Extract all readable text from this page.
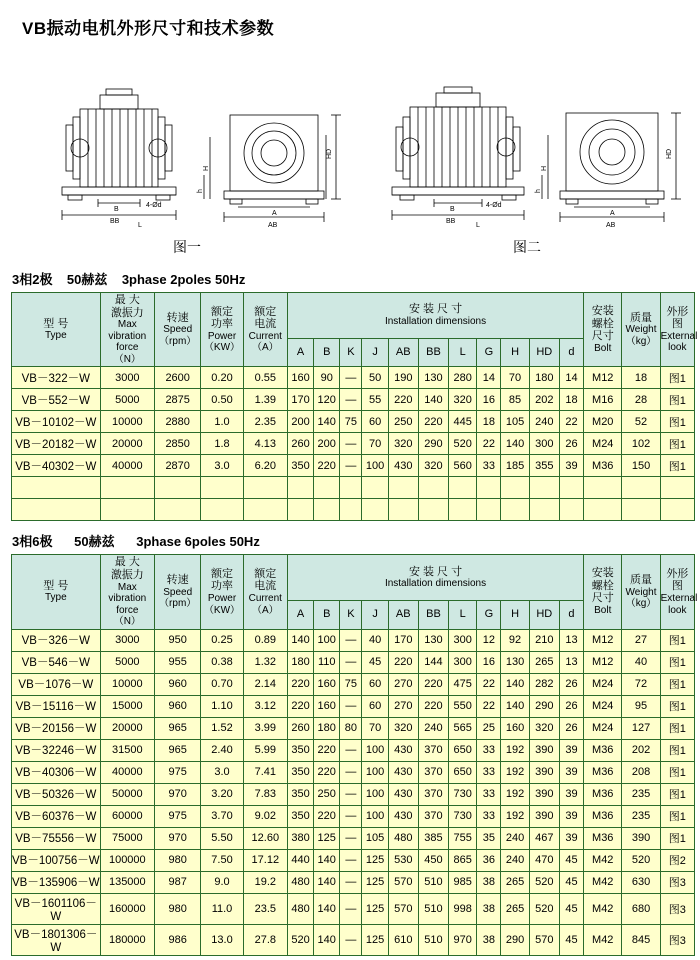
VB振动电机外形尺寸和技术参数
B
BB
L
A
AB
4-Ød
HD
H
h
B
BB
L
A
AB
4-Ød
HD
H
h
图一	图二
3相2极    50赫兹    3phase 2poles 50Hz
型 号
Type

最 大
激振力
Max
vibration
force
（N）

转速
Speed
（rpm）

额定
功率
Power
（KW）

额定
电流
Current
（A）

安 装 尺 寸
Installation dimensions

安装
螺栓
尺寸
Bolt

质量
Weight
（kg）

外形
图
External look

					A	B	K	J	AB	BB	L	G	H	HD	d			
VB－322－W	3000	2600	0.20	0.55	160	90	—	50	190	130	280	14	70	180	14	M12	18	图1
VB－552－W	5000	2875	0.50	1.39	170	120	—	55	220	140	320	16	85	202	18	M16	28	图1
VB－10102－W	10000	2880	1.0	2.35	200	140	75	60	250	220	445	18	105	240	22	M20	52	图1
VB－20182－W	20000	2850	1.8	4.13	260	200	—	70	320	290	520	22	140	300	26	M24	102	图1
VB－40302－W	40000	2870	3.0	6.20	350	220	—	100	430	320	560	33	185	355	39	M36	150	图1

3相6极      50赫兹      3phase 6poles 50Hz
型 号
Type

最 大
激振力
Max
vibration
force
（N）

转速
Speed
（rpm）

额定
功率
Power
（KW）

额定
电流
Current
（A）

安 装 尺 寸
Installation dimensions

安装
螺栓
尺寸
Bolt

质量
Weight
（kg）

外形
图
External look

					A	B	K	J	AB	BB	L	G	H	HD	d			
VB－326－W	3000	950	0.25	0.89	140	100	—	40	170	130	300	12	92	210	13	M12	27	图1
VB－546－W	5000	955	0.38	1.32	180	110	—	45	220	144	300	16	130	265	13	M12	40	图1
VB－1076－W	10000	960	0.70	2.14	220	160	75	60	270	220	475	22	140	282	26	M24	72	图1
VB－15116－W	15000	960	1.10	3.12	220	160	—	60	270	220	550	22	140	290	26	M24	95	图1
VB－20156－W	20000	965	1.52	3.99	260	180	80	70	320	240	565	25	160	320	26	M24	127	图1
VB－32246－W	31500	965	2.40	5.99	350	220	—	100	430	370	650	33	192	390	39	M36	202	图1
VB－40306－W	40000	975	3.0	7.41	350	220	—	100	430	370	650	33	192	390	39	M36	208	图1
VB－50326－W	50000	970	3.20	7.83	350	250	—	100	430	370	730	33	192	390	39	M36	235	图1
VB－60376－W	60000	975	3.70	9.02	350	220	—	100	430	370	730	33	192	390	39	M36	235	图1
VB－75556－W	75000	970	5.50	12.60	380	125	—	105	480	385	755	35	240	467	39	M36	390	图1
VB－100756－W	100000	980	7.50	17.12	440	140	—	125	530	450	865	36	240	470	45	M42	520	图2
VB－135906－W	135000	987	9.0	19.2	480	140	—	125	570	510	985	38	265	520	45	M42	630	图3
VB－1601106－W	160000	980	11.0	23.5	480	140	—	125	570	510	998	38	265	520	45	M42	680	图3
VB－1801306－W	180000	986	13.0	27.8	520	140	—	125	610	510	970	38	290	570	45	M42	845	图3
